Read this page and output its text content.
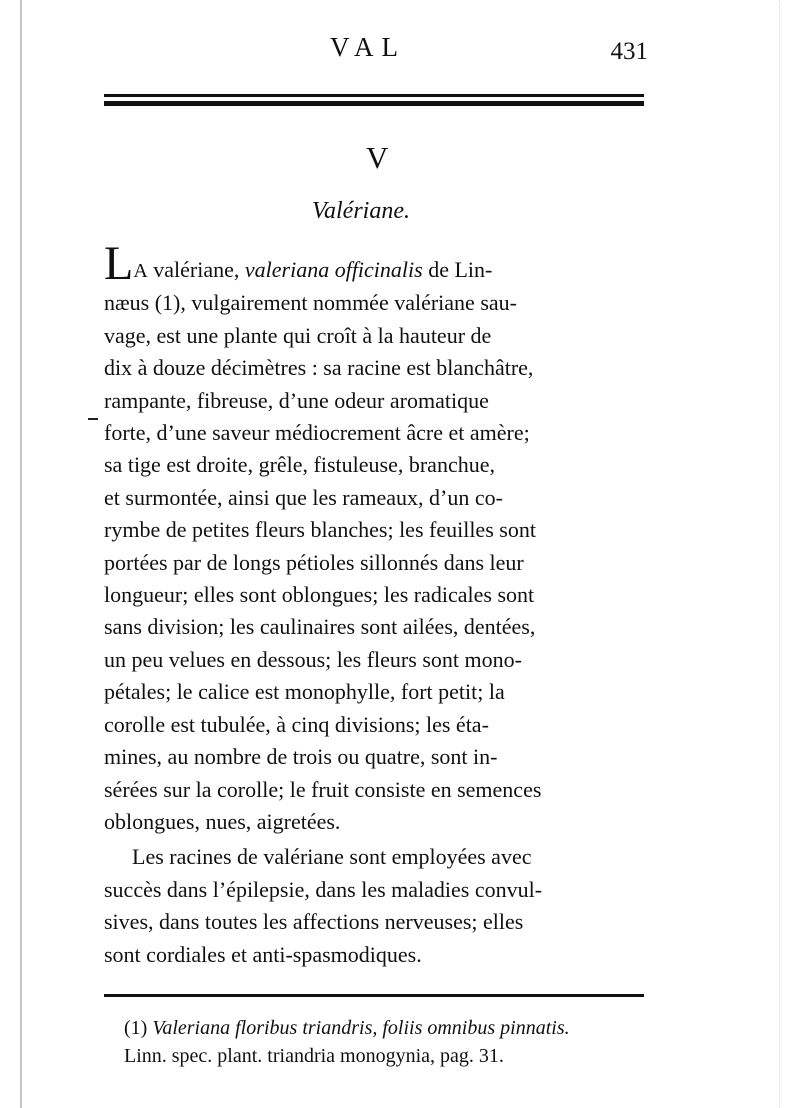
VAL	431
V
Valériane.
LA valériane, valeriana officinalis de Lin-
næus (1), vulgairement nommée valériane sau-
vage, est une plante qui croît à la hauteur de
dix à douze décimètres : sa racine est blanchâtre,
rampante, fibreuse, d’une odeur aromatique
forte, d’une saveur médiocrement âcre et amère;
sa tige est droite, grêle, fistuleuse, branchue,
et surmontée, ainsi que les rameaux, d’un co-
rymbe de petites fleurs blanches; les feuilles sont
portées par de longs pétioles sillonnés dans leur
longueur; elles sont oblongues; les radicales sont
sans division; les caulinaires sont ailées, dentées,
un peu velues en dessous; les fleurs sont mono-
pétales; le calice est monophylle, fort petit; la
corolle est tubulée, à cinq divisions; les éta-
mines, au nombre de trois ou quatre, sont in-
sérées sur la corolle; le fruit consiste en semences
oblongues, nues, aigretées.
Les racines de valériane sont employées avec
succès dans l’épilepsie, dans les maladies convul-
sives, dans toutes les affections nerveuses; elles
sont cordiales et anti-spasmodiques.
(1) Valeriana floribus triandris, foliis omnibus pinnatis.
Linn. spec. plant. triandria monogynia, pag. 31.
